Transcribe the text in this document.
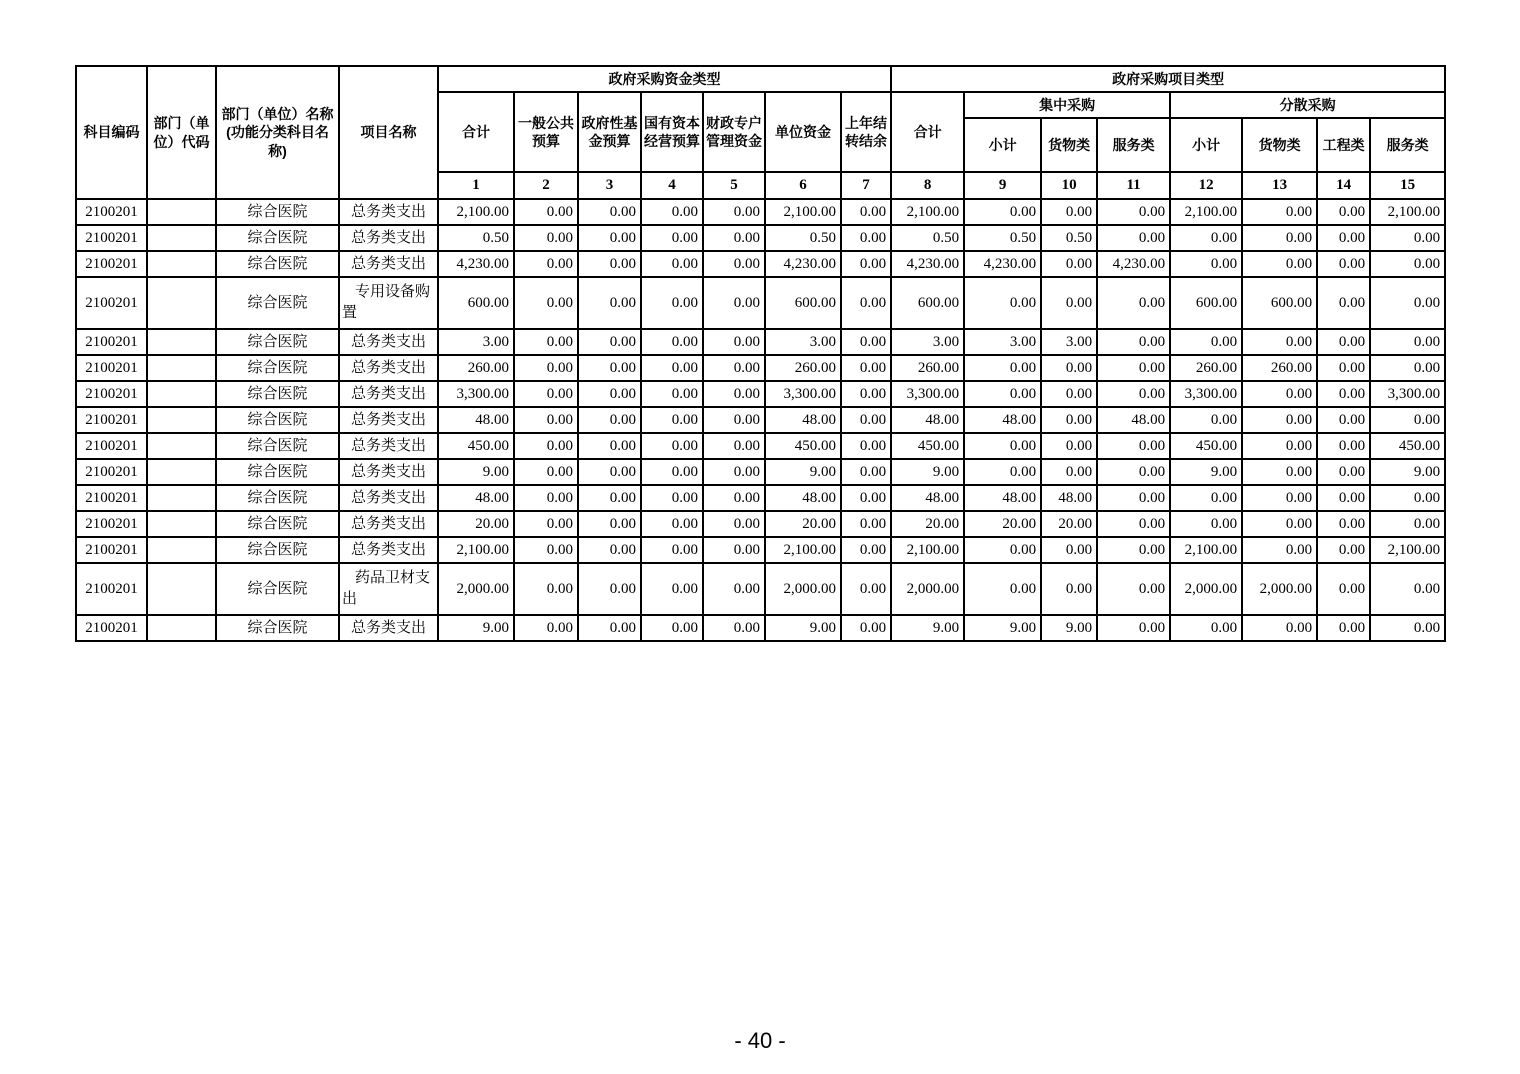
科目编码	部门（单位）代码	部门（单位）名称(功能分类科目名称)	项目名称	政府采购资金类型							政府采购项目类型							
				合计	一般公共预算	政府性基金预算	国有资本经营预算	财政专户管理资金	单位资金	上年结转结余	合计	集中采购			分散采购			
												小计	货物类	服务类	小计	货物类	工程类	服务类
				1	2	3	4	5	6	7	8	9	10	11	12	13	14	15
2100201		综合医院	总务类支出	2,100.00	0.00	0.00	0.00	0.00	2,100.00	0.00	2,100.00	0.00	0.00	0.00	2,100.00	0.00	0.00	2,100.00
2100201		综合医院	总务类支出	0.50	0.00	0.00	0.00	0.00	0.50	0.00	0.50	0.50	0.50	0.00	0.00	0.00	0.00	0.00
2100201		综合医院	总务类支出	4,230.00	0.00	0.00	0.00	0.00	4,230.00	0.00	4,230.00	4,230.00	0.00	4,230.00	0.00	0.00	0.00	0.00
2100201		综合医院	专用设备购置	600.00	0.00	0.00	0.00	0.00	600.00	0.00	600.00	0.00	0.00	0.00	600.00	600.00	0.00	0.00
2100201		综合医院	总务类支出	3.00	0.00	0.00	0.00	0.00	3.00	0.00	3.00	3.00	3.00	0.00	0.00	0.00	0.00	0.00
2100201		综合医院	总务类支出	260.00	0.00	0.00	0.00	0.00	260.00	0.00	260.00	0.00	0.00	0.00	260.00	260.00	0.00	0.00
2100201		综合医院	总务类支出	3,300.00	0.00	0.00	0.00	0.00	3,300.00	0.00	3,300.00	0.00	0.00	0.00	3,300.00	0.00	0.00	3,300.00
2100201		综合医院	总务类支出	48.00	0.00	0.00	0.00	0.00	48.00	0.00	48.00	48.00	0.00	48.00	0.00	0.00	0.00	0.00
2100201		综合医院	总务类支出	450.00	0.00	0.00	0.00	0.00	450.00	0.00	450.00	0.00	0.00	0.00	450.00	0.00	0.00	450.00
2100201		综合医院	总务类支出	9.00	0.00	0.00	0.00	0.00	9.00	0.00	9.00	0.00	0.00	0.00	9.00	0.00	0.00	9.00
2100201		综合医院	总务类支出	48.00	0.00	0.00	0.00	0.00	48.00	0.00	48.00	48.00	48.00	0.00	0.00	0.00	0.00	0.00
2100201		综合医院	总务类支出	20.00	0.00	0.00	0.00	0.00	20.00	0.00	20.00	20.00	20.00	0.00	0.00	0.00	0.00	0.00
2100201		综合医院	总务类支出	2,100.00	0.00	0.00	0.00	0.00	2,100.00	0.00	2,100.00	0.00	0.00	0.00	2,100.00	0.00	0.00	2,100.00
2100201		综合医院	药品卫材支出	2,000.00	0.00	0.00	0.00	0.00	2,000.00	0.00	2,000.00	0.00	0.00	0.00	2,000.00	2,000.00	0.00	0.00
2100201		综合医院	总务类支出	9.00	0.00	0.00	0.00	0.00	9.00	0.00	9.00	9.00	9.00	0.00	0.00	0.00	0.00	0.00
- 40 -
